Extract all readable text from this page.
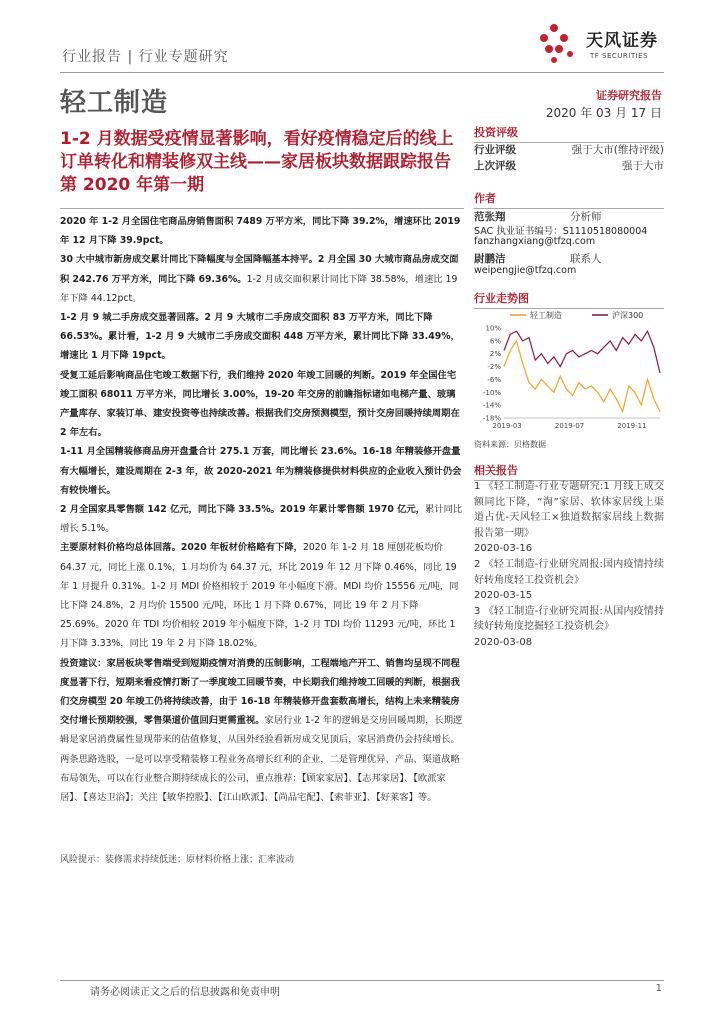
行业报告 | 行业专题研究
天风证券
TF SECURITIES
轻工制造	证券研究报告
2020 年 03 月 17 日
1-2 月数据受疫情显著影响，看好疫情稳定后的线上订单转化和精装修双主线——家居板块数据跟踪报告第 2020 年第一期

2020 年 1-2 月全国住宅商品房销售面积 7489 万平方米，同比下降 39.2%，增速环比 2019 年 12 月下降 39.9pct。

30 大中城市新房成交累计同比下降幅度与全国降幅基本持平。2 月全国 30 大城市商品房成交面积 242.76 万平方米，同比下降 69.36%。1-2 月成交面积累计同比下降 38.58%，增速比 19 年下降 44.12pct。

1-2 月 9 城二手房成交显著回落。2 月 9 大城市二手房成交面积 83 万平方米，同比下降 66.53%。累计看，1-2 月 9 大城市二手房成交面积 448 万平方米，累计同比下降 33.49%，增速比 1 月下降 19pct。

受复工延后影响商品住宅竣工数据下行，我们维持 2020 年竣工回暖的判断。2019 年全国住宅竣工面积 68011 万平方米，同比增长 3.00%，19-20 年交房的前瞻指标诸如电梯产量、玻璃产量库存、家装订单、建安投资等也持续改善。根据我们交房预测模型，预计交房回暖持续周期在 2 年左右。

1-11 月全国精装修商品房开盘量合计 275.1 万套，同比增长 23.6%。16-18 年精装修开盘量有大幅增长，建设周期在 2-3 年，故 2020-2021 年为精装修提供材料供应的企业收入预计仍会有较快增长。

2 月全国家具零售额 142 亿元，同比下降 33.5%。2019 年累计零售额 1970 亿元，累计同比增长 5.1%。

主要原材料价格均总体回落。2020 年板材价格略有下降，2020 年 1-2 月 18 厘刨花板均价 64.37 元，同比上涨 0.1%，1 月均价为 64.37 元，环比 2019 年 12 月下降 0.46%，同比 19 年 1 月提升 0.31%。1-2 月 MDI 价格相较于 2019 年小幅度下滑。MDI 均价 15556 元/吨，同比下降 24.8%，2 月均价 15500 元/吨，环比 1 月下降 0.67%，同比 19 年 2 月下降 25.69%。2020 年 TDI 均价相较 2019 年小幅度下降，1-2 月 TDI 均价 11293 元/吨，环比 1 月下降 3.33%，同比 19 年 2 月下降 18.02%。

投资建议：家居板块零售端受到短期疫情对消费的压制影响，工程端地产开工、销售均呈现不同程度显著下行，短期来看疫情打断了一季度竣工回暖节奏，中长期我们维持竣工回暖的判断，根据我们交房模型 20 年竣工仍将持续改善，由于 16-18 年精装修开盘套数高增长，结构上未来精装房交付增长预期较强，零售渠道价值回归更需重视。家居行业 1-2 年的逻辑是交房回暖周期，长期逻辑是家居消费属性显现带来的估值修复，从国外经验看新房成交见顶后，家居消费仍会持续增长。两条思路选股，一是可以享受精装修工程业务高增长红利的企业，二是管理优异、产品、渠道战略布局领先，可以在行业整合期持续成长的公司，重点推荐：【顾家家居】、【志邦家居】、【欧派家居】、【喜达卫浴】；关注【敏华控股】、【江山欧派】、【尚品宅配】、【索菲亚】、【好莱客】等。

风险提示：装修需求持续低迷；原材料价格上涨；汇率波动
投资评级
行业评级	强于大市(维持评级)
上次评级	强于大市
作者
范张翔	分析师
SAC 执业证书编号：S1110518080004
fanzhangxiang@tfzq.com
尉鹏洁	联系人
weipengjie@tfzq.com
行业走势图
轻工制造	沪深300
10%
6%
2%
-2%
-6%
-10%
-14%
-18%
2019-03	2019-07	2019-11
资料来源：贝格数据
相关报告
1 《轻工制造-行业专题研究:1 月线上成交额同比下降，“淘”家居、软体家居线上渠道占优-天风轻工×独道数据家居线上数据报告第一期》
2020-03-16
2 《轻工制造-行业研究周报:国内疫情持续好转角度轻工投资机会》
2020-03-15
3 《轻工制造-行业研究周报:从国内疫情持续好转角度挖掘轻工投资机会》
2020-03-08
请务必阅读正文之后的信息披露和免责申明	1
